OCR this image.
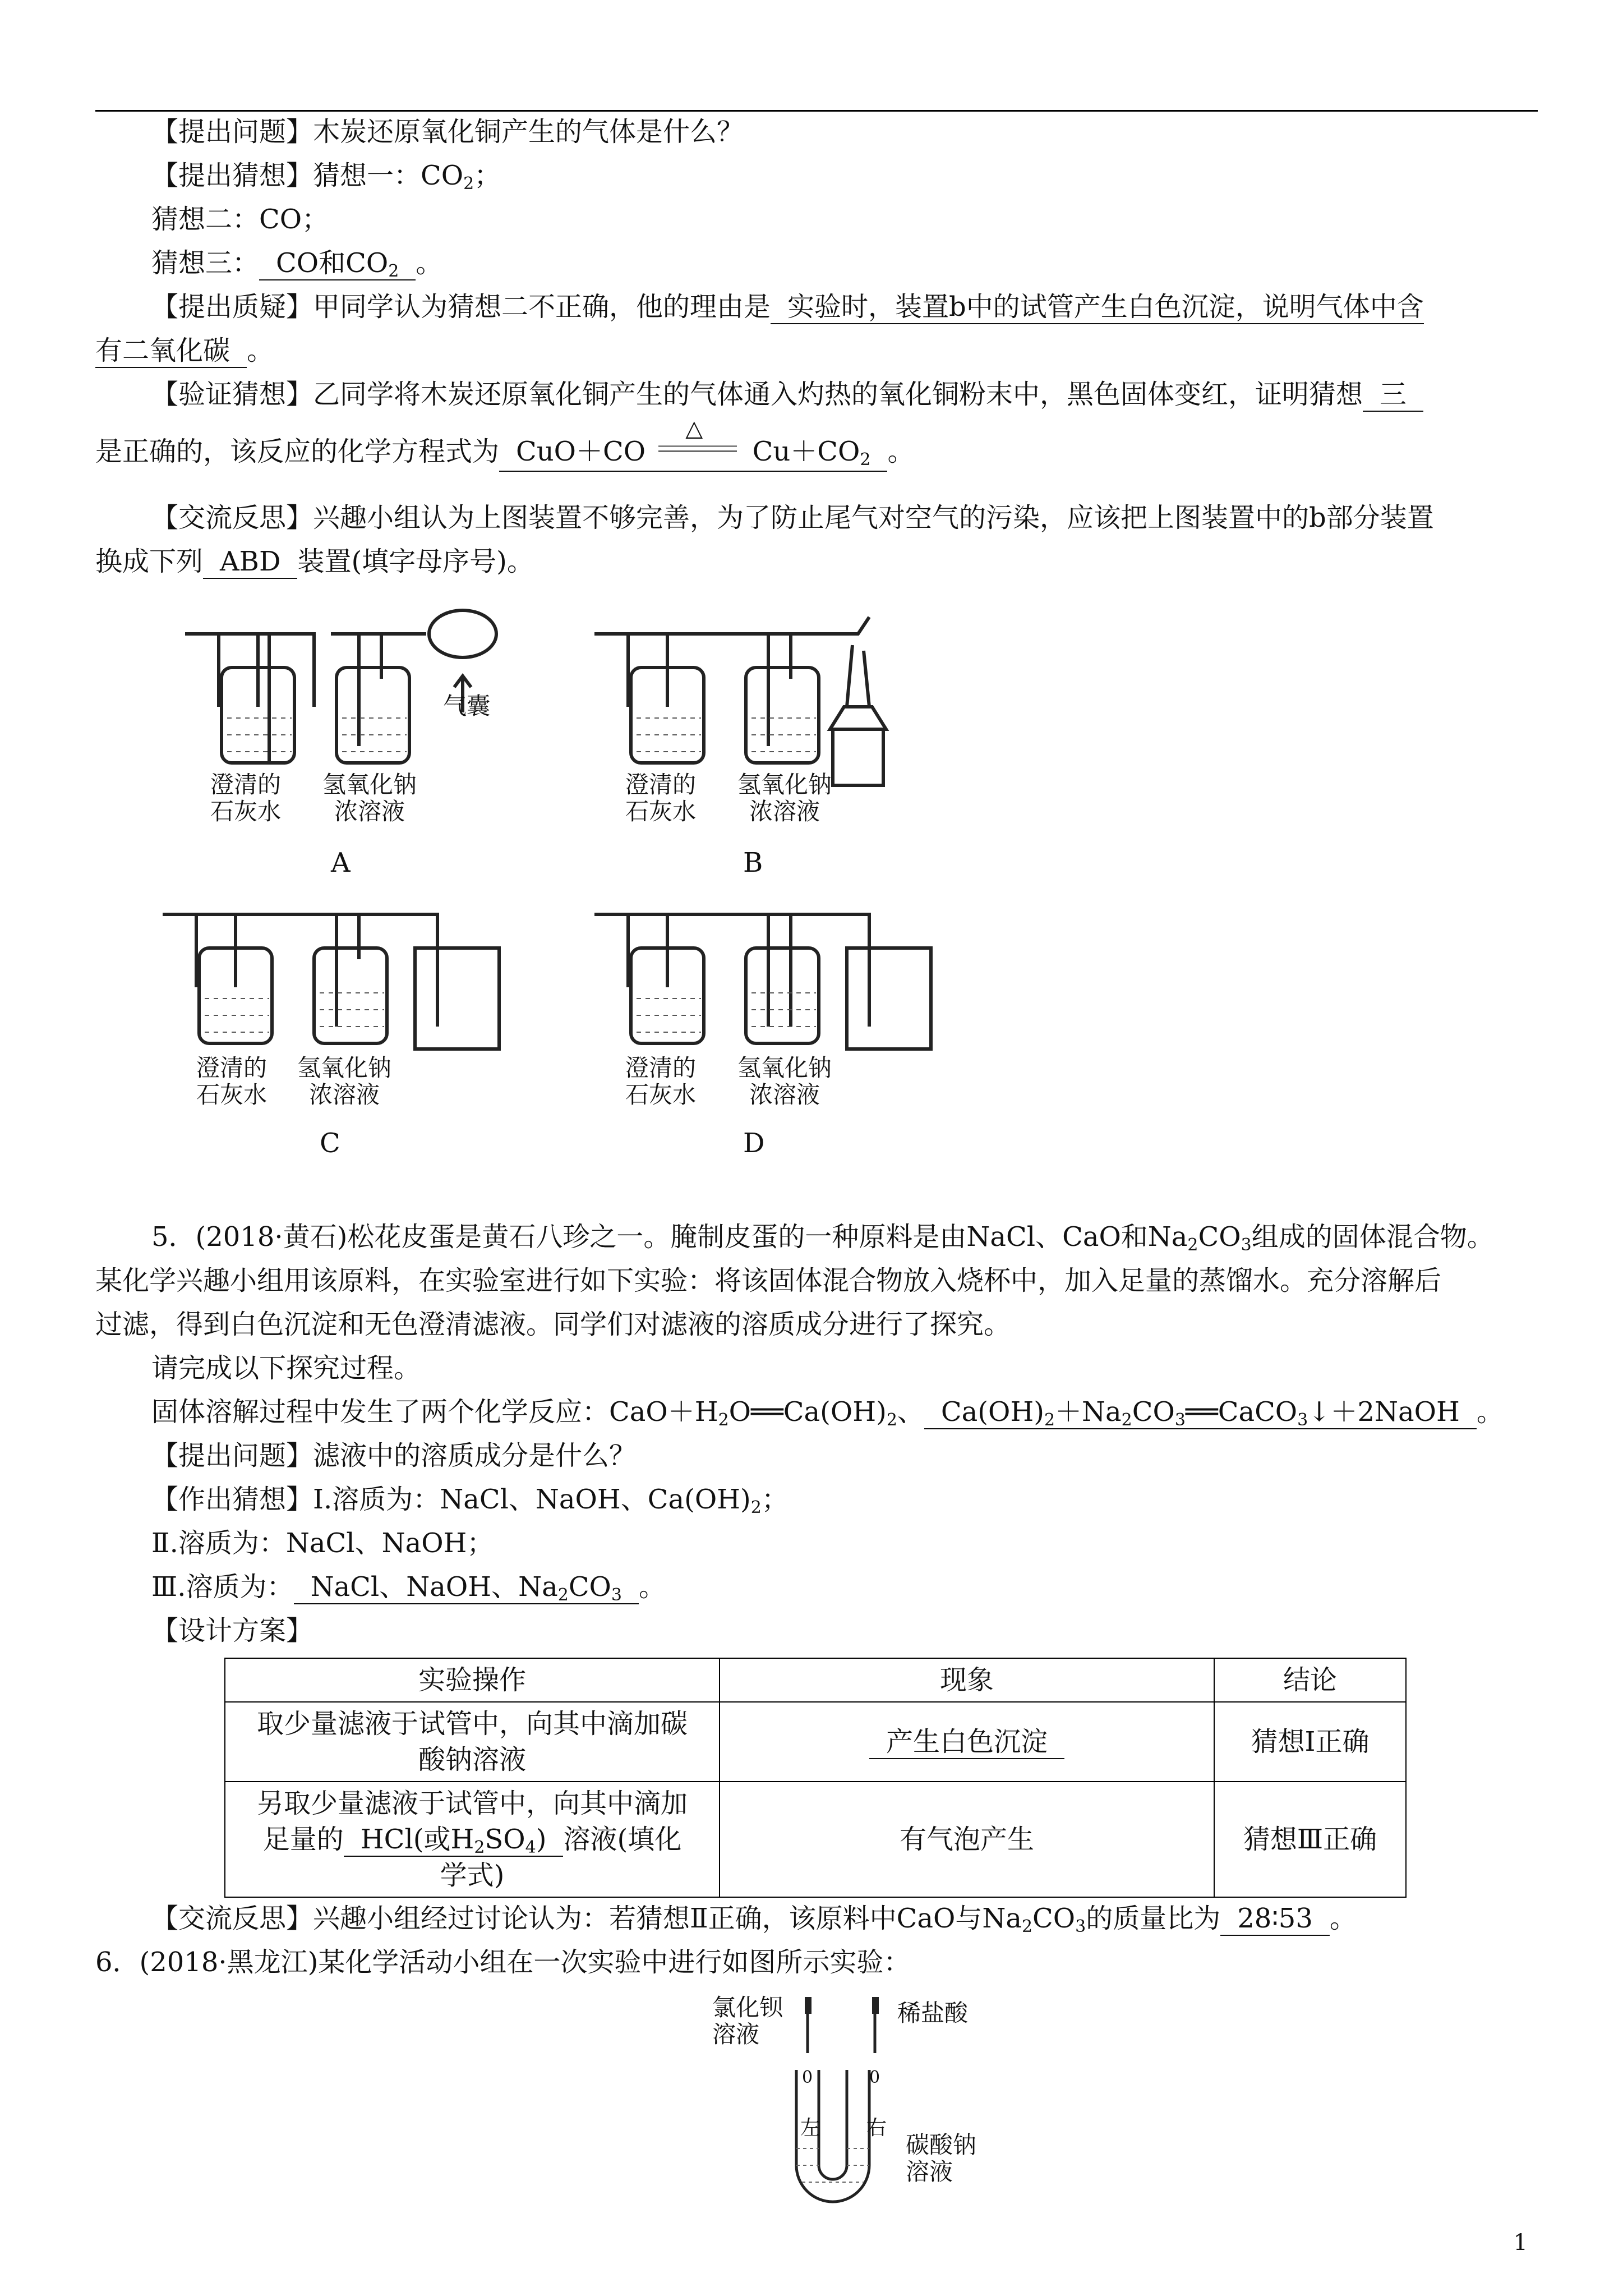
【提出问题】木炭还原氧化铜产生的气体是什么？
【提出猜想】猜想一：$CO_2$；
猜想二：CO；
猜想三： CO和$CO_2$ 。
【提出质疑】甲同学认为猜想二不正确，他的理由是 实验时，装置b中的试管产生白色沉淀，说明气体中含
有二氧化碳 。
【验证猜想】乙同学将木炭还原氧化铜产生的气体通入灼热的氧化铜粉末中，黑色固体变红，证明猜想 三
是正确的，该反应的化学方程式为 CuO＋CO
△
$Cu+CO_2$ 。
【交流反思】兴趣小组认为上图装置不够完善，为了防止尾气对空气的污染，应该把上图装置中的b部分装置
换成下列 ABD 装置(填字母序号)。
澄清的
石灰水
氢氧化钠
浓溶液
气囊
A
澄清的
石灰水
氢氧化钠
浓溶液
B
澄清的
石灰水
氢氧化钠
浓溶液
C
澄清的
石灰水
氢氧化钠
浓溶液
D
5．(2018·黄石)松花皮蛋是黄石八珍之一。腌制皮蛋的一种原料是由NaCl、CaO和$Na_2CO_3$组成的固体混合物。
某化学兴趣小组用该原料，在实验室进行如下实验：将该固体混合物放入烧杯中，加入足量的蒸馏水。充分溶解后
过滤，得到白色沉淀和无色澄清滤液。同学们对滤液的溶质成分进行了探究。
请完成以下探究过程。
固体溶解过程中发生了两个化学反应：$CaO+H_2O══Ca(OH)_2$、 $Ca(OH)_2+Na_2CO_3══CaCO_3↓+2NaOH$ 。
【提出问题】滤液中的溶质成分是什么？
【作出猜想】Ⅰ.溶质为：NaCl、NaOH、$Ca(OH)_2$；
Ⅱ.溶质为：NaCl、NaOH；
Ⅲ.溶质为： NaCl、NaOH、$Na_2CO_3$ 。
【设计方案】
实验操作	现象	结论

取少量滤液于试管中，向其中滴加碳
酸钠溶液	产生白色沉淀	猜想Ⅰ正确

另取少量滤液于试管中，向其中滴加
足量的 HCl(或$H_2SO_4$) 溶液(填化
学式)	有气泡产生	猜想Ⅲ正确
【交流反思】兴趣小组经过讨论认为：若猜想Ⅱ正确，该原料中CaO与$Na_2CO_3$的质量比为 28∶53 。
6．(2018·黑龙江)某化学活动小组在一次实验中进行如图所示实验：
氯化钡
溶液
稀盐酸
0	0
左 右
碳酸钠
溶液
1
